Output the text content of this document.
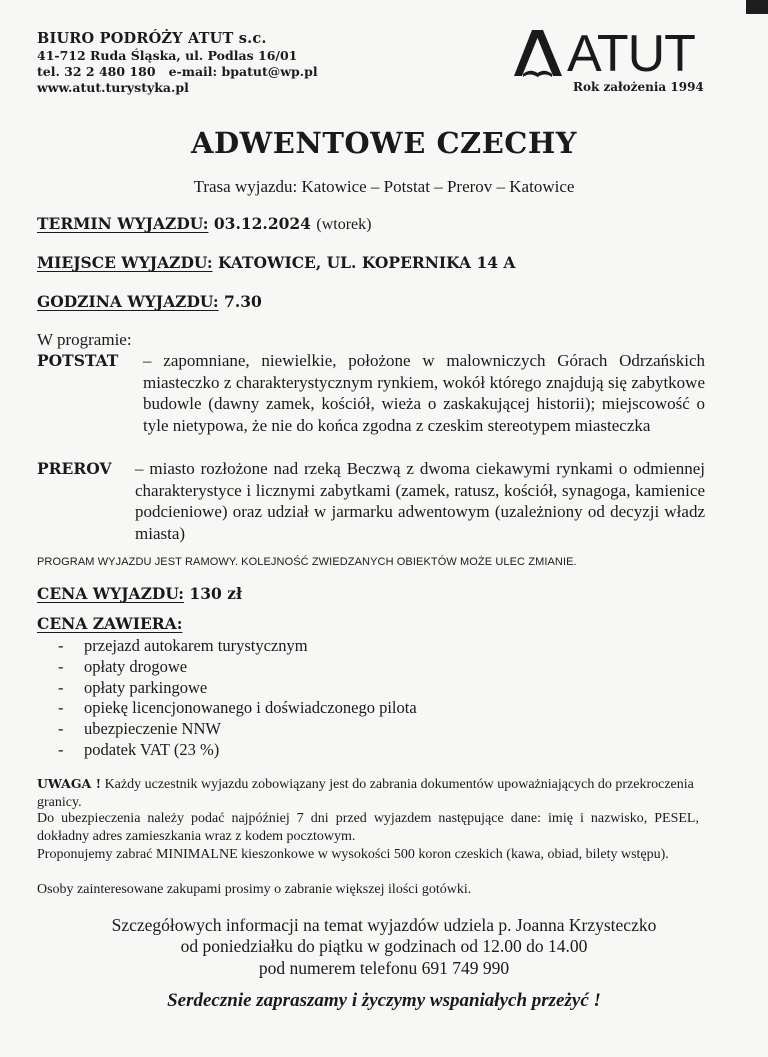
BIURO PODRÓŻY ATUT s.c.
41-712 Ruda Śląska, ul. Podlas 16/01
tel. 32 2 480 180 e-mail: bpatut@wp.pl
www.atut.turystyka.pl
ATUT
Rok założenia 1994
ADWENTOWE CZECHY
Trasa wyjazdu: Katowice – Potstat – Prerov – Katowice
TERMIN WYJAZDU: 03.12.2024 (wtorek)
MIEJSCE WYJAZDU: KATOWICE, UL. KOPERNIKA 14 A
GODZINA WYJAZDU: 7.30
W programie:
POTSTAT	– zapomniane, niewielkie, położone w malowniczych Górach Odrzańskich miasteczko z charakterystycznym rynkiem, wokół którego znajdują się zabytkowe budowle (dawny zamek, kościół, wieża o zaskakującej historii); miejscowość o tyle nietypowa, że nie do końca zgodna z czeskim stereotypem miasteczka
PREROV	– miasto rozłożone nad rzeką Beczwą z dwoma ciekawymi rynkami o odmiennej charakterystyce i licznymi zabytkami (zamek, ratusz, kościół, synagoga, kamienice podcieniowe) oraz udział w jarmarku adwentowym (uzależniony od decyzji władz miasta)
PROGRAM WYJAZDU JEST RAMOWY. KOLEJNOŚĆ ZWIEDZANYCH OBIEKTÓW MOŻE ULEC ZMIANIE.
CENA WYJAZDU: 130 zł
CENA ZAWIERA:
- przejazd autokarem turystycznym
- opłaty drogowe
- opłaty parkingowe
- opiekę licencjonowanego i doświadczonego pilota
- ubezpieczenie NNW
- podatek VAT (23 %)
UWAGA ! Każdy uczestnik wyjazdu zobowiązany jest do zabrania dokumentów upoważniających do przekroczenia granicy.
Do ubezpieczenia należy podać najpóźniej 7 dni przed wyjazdem następujące dane: imię i nazwisko, PESEL, dokładny adres zamieszkania wraz z kodem pocztowym.
Proponujemy zabrać MINIMALNE kieszonkowe w wysokości 500 koron czeskich (kawa, obiad, bilety wstępu).
Osoby zainteresowane zakupami prosimy o zabranie większej ilości gotówki.
Szczegółowych informacji na temat wyjazdów udziela p. Joanna Krzysteczko
od poniedziałku do piątku w godzinach od 12.00 do 14.00
pod numerem telefonu 691 749 990
Serdecznie zapraszamy i życzymy wspaniałych przeżyć !
